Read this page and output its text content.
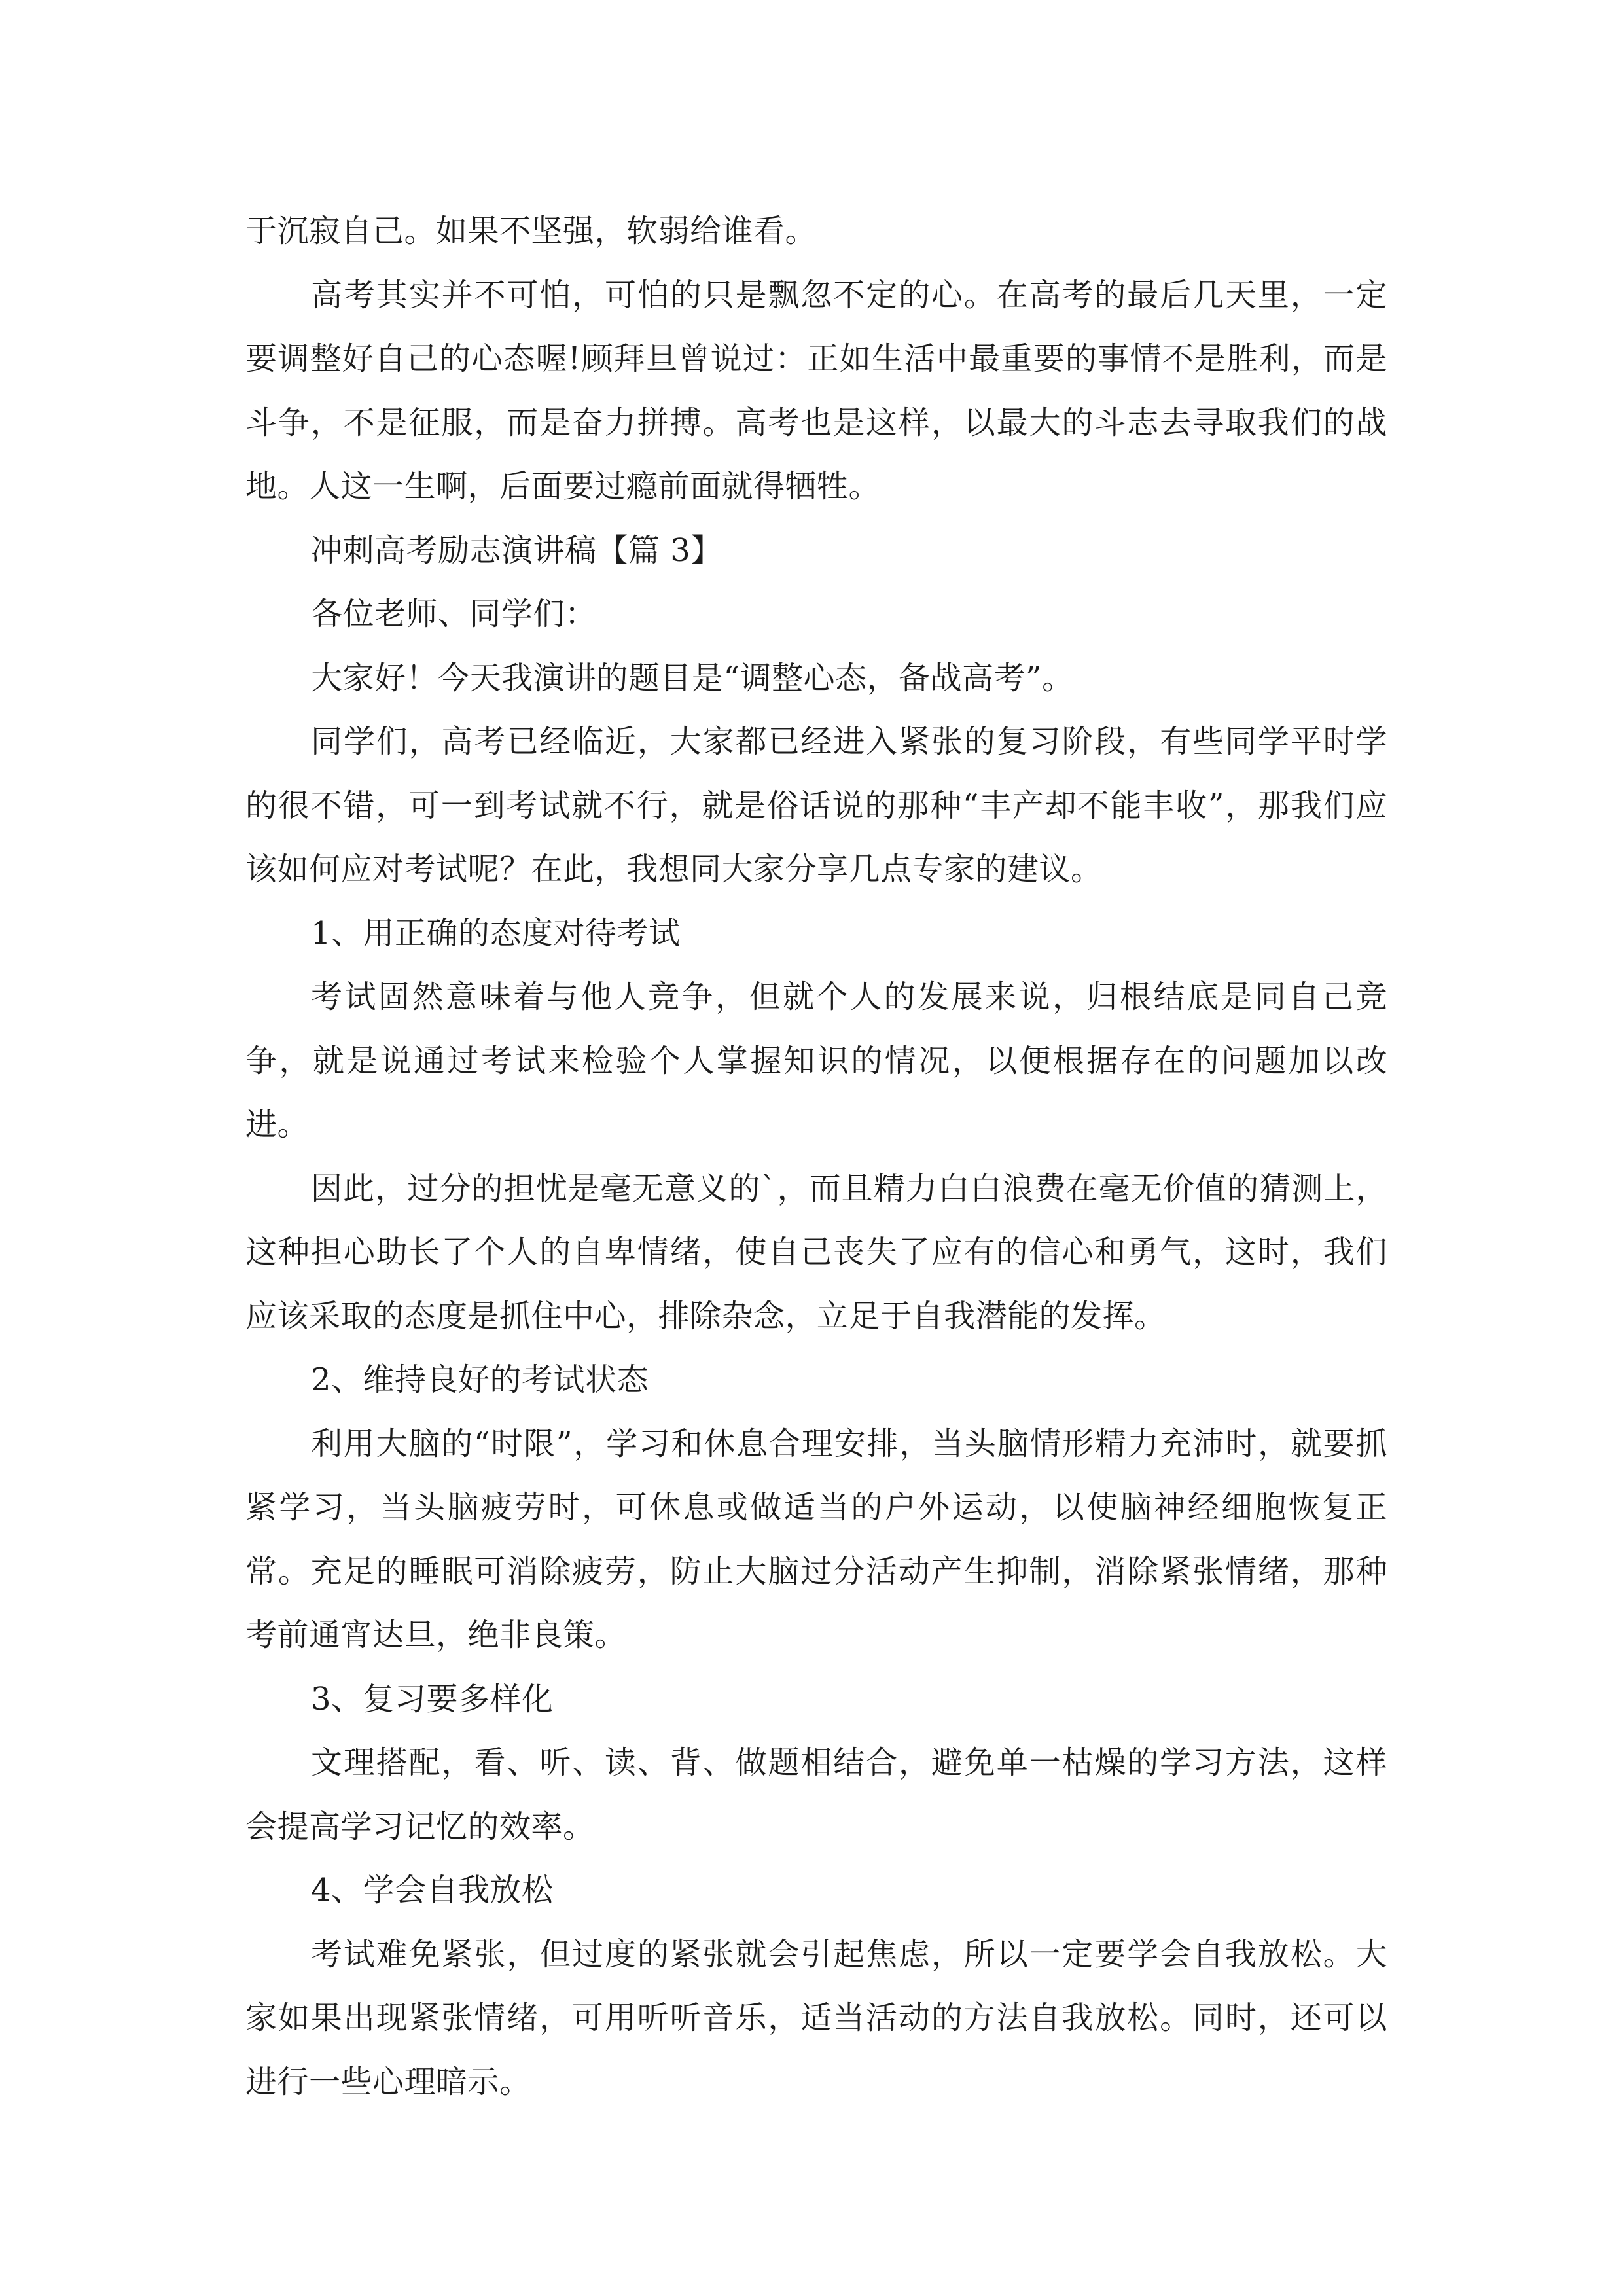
于沉寂自己。如果不坚强，软弱给谁看。

高考其实并不可怕，可怕的只是飘忽不定的心。在高考的最后几天里，一定要调整好自己的心态喔!顾拜旦曾说过：正如生活中最重要的事情不是胜利，而是斗争，不是征服，而是奋力拼搏。高考也是这样，以最大的斗志去寻取我们的战地。人这一生啊，后面要过瘾前面就得牺牲。

冲刺高考励志演讲稿【篇 3】

各位老师、同学们：

大家好！今天我演讲的题目是“调整心态，备战高考”。

同学们，高考已经临近，大家都已经进入紧张的复习阶段，有些同学平时学的很不错，可一到考试就不行，就是俗话说的那种“丰产却不能丰收”，那我们应该如何应对考试呢？在此，我想同大家分享几点专家的建议。

1、用正确的态度对待考试

考试固然意味着与他人竞争，但就个人的发展来说，归根结底是同自己竞争，就是说通过考试来检验个人掌握知识的情况，以便根据存在的问题加以改进。

因此，过分的担忧是毫无意义的`，而且精力白白浪费在毫无价值的猜测上，这种担心助长了个人的自卑情绪，使自己丧失了应有的信心和勇气，这时，我们应该采取的态度是抓住中心，排除杂念，立足于自我潜能的发挥。

2、维持良好的考试状态

利用大脑的“时限”，学习和休息合理安排，当头脑情形精力充沛时，就要抓紧学习，当头脑疲劳时，可休息或做适当的户外运动，以使脑神经细胞恢复正常。充足的睡眠可消除疲劳，防止大脑过分活动产生抑制，消除紧张情绪，那种考前通宵达旦，绝非良策。

3、复习要多样化

文理搭配，看、听、读、背、做题相结合，避免单一枯燥的学习方法，这样会提高学习记忆的效率。

4、学会自我放松

考试难免紧张，但过度的紧张就会引起焦虑，所以一定要学会自我放松。大家如果出现紧张情绪，可用听听音乐，适当活动的方法自我放松。同时，还可以进行一些心理暗示。
